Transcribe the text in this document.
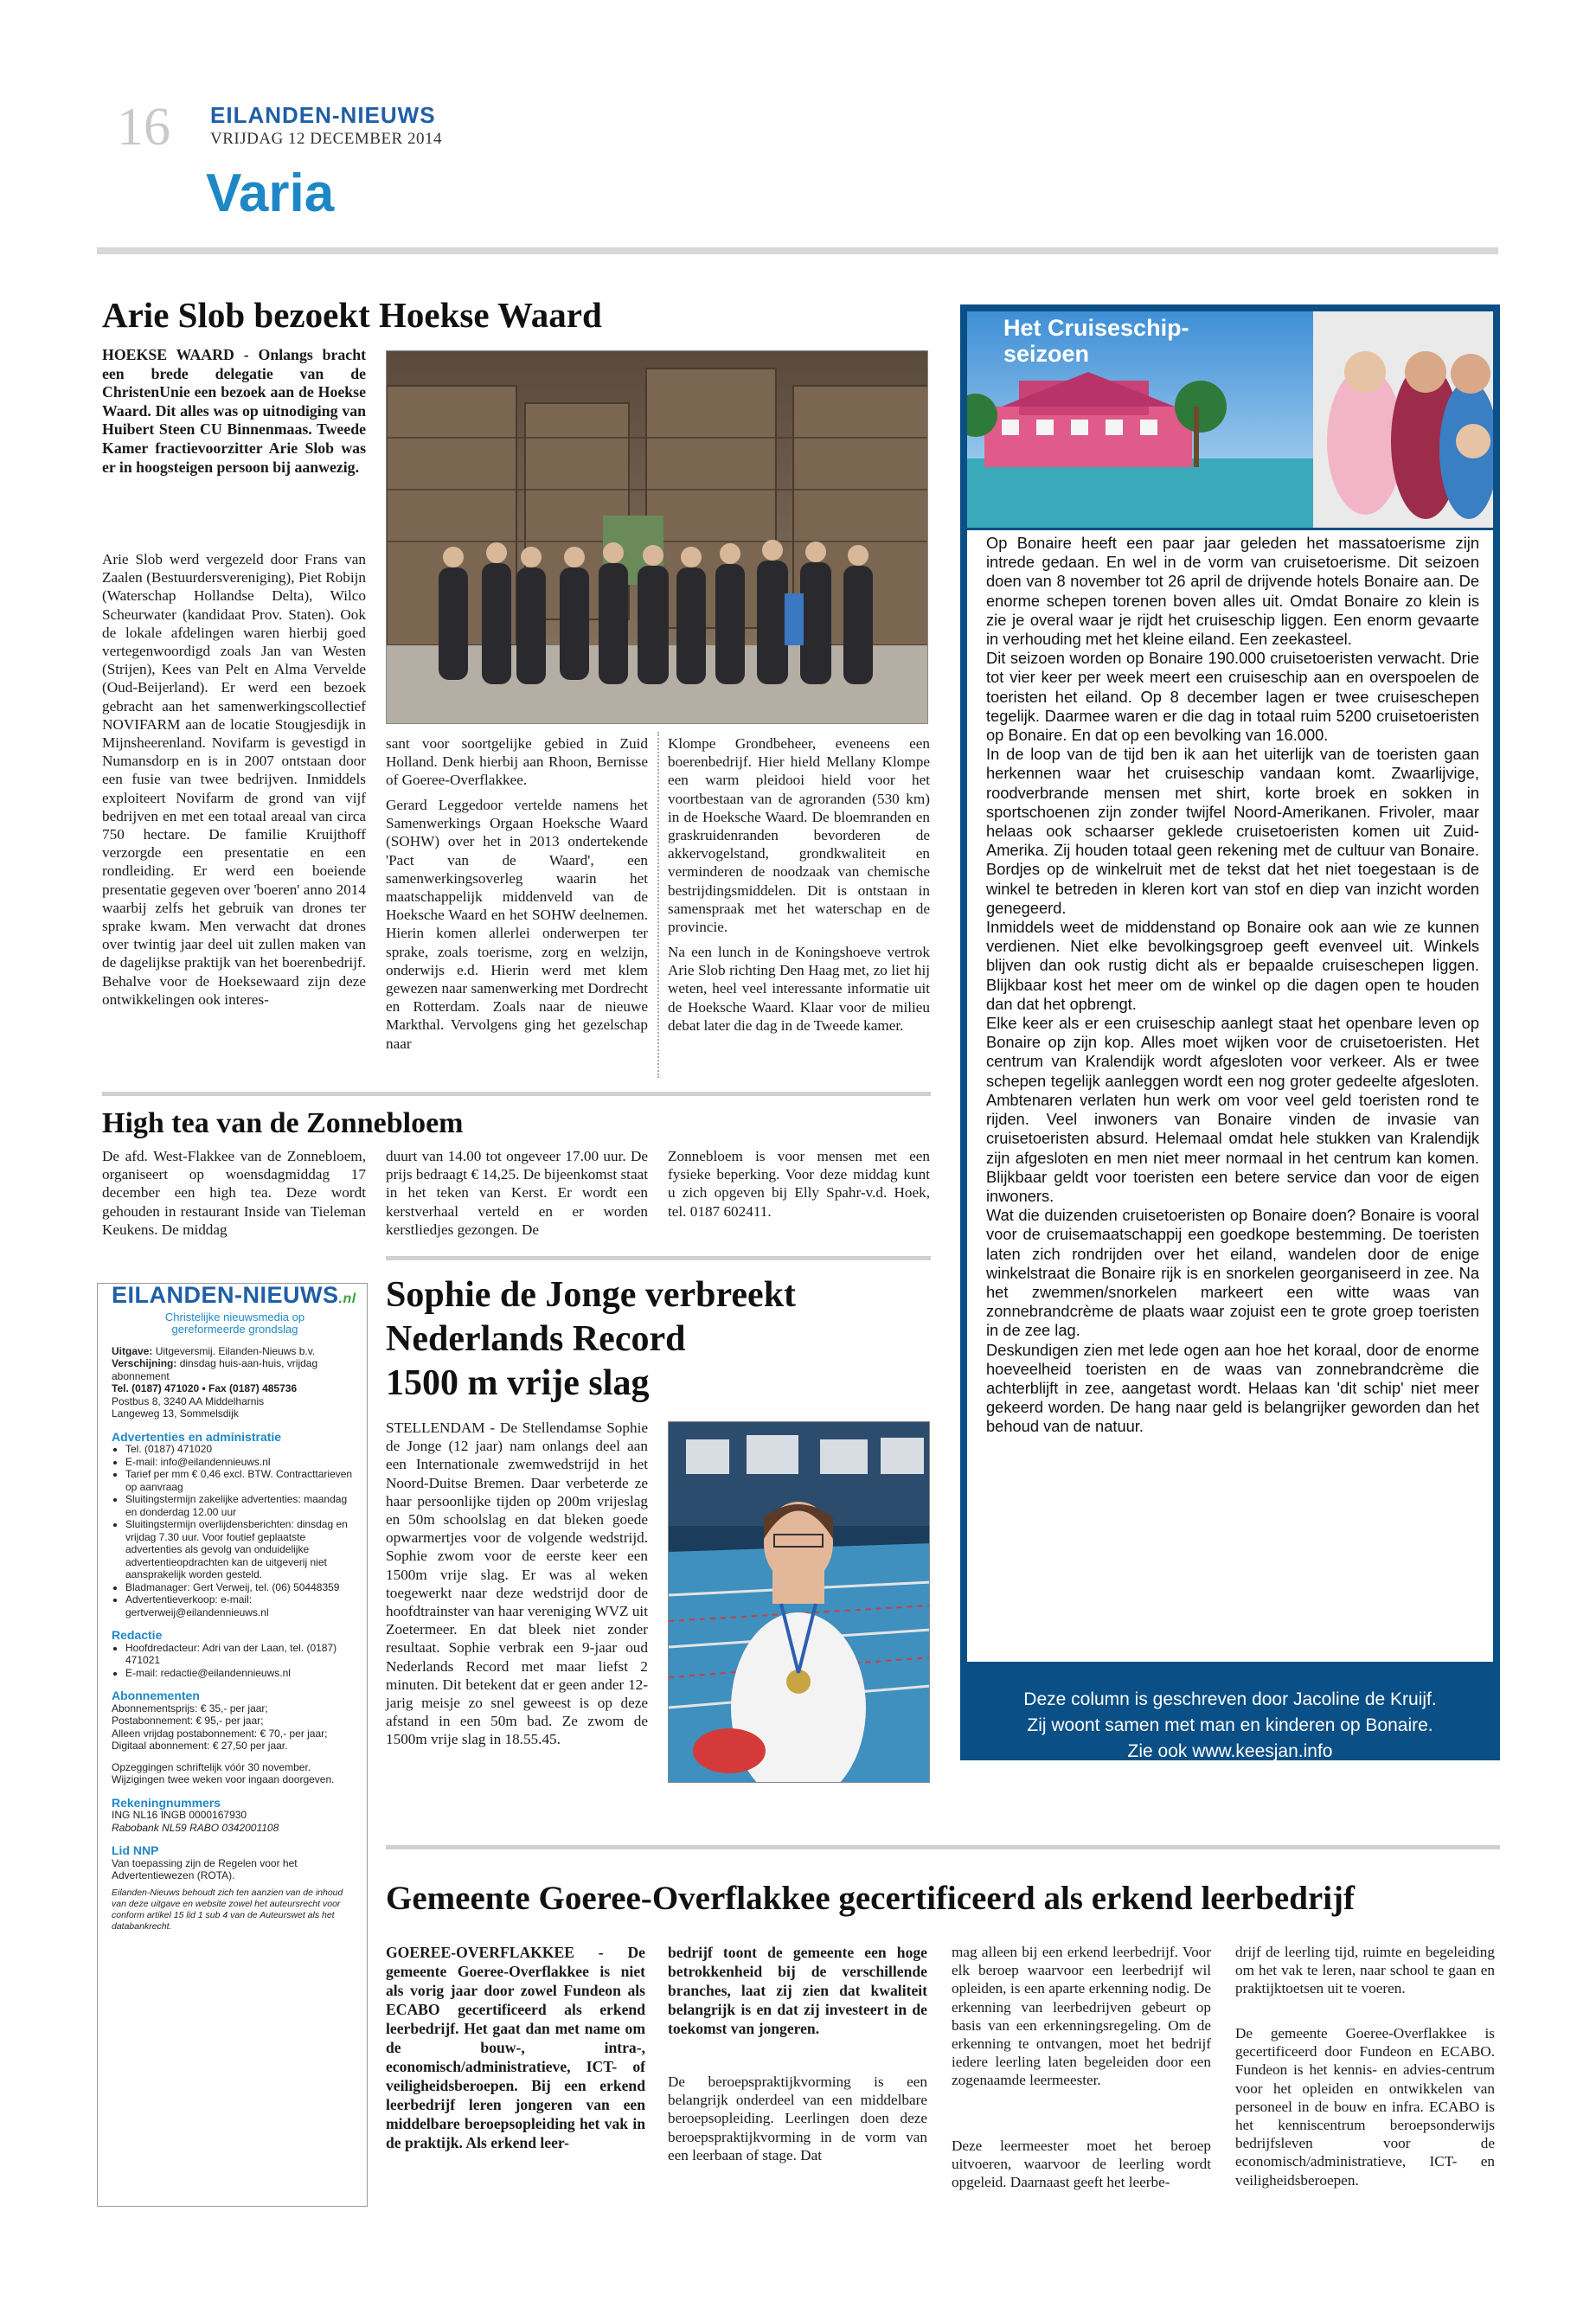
16 EILANDEN-NIEUWS
VRIJDAG 12 DECEMBER 2014
Varia
Arie Slob bezoekt Hoekse Waard

HOEKSE WAARD - Onlangs bracht een brede delegatie van de ChristenUnie een bezoek aan de Hoekse Waard. Dit alles was op uitnodiging van Huibert Steen CU Binnenmaas. Tweede Kamer fractievoorzitter Arie Slob was er in hoogsteigen persoon bij aanwezig.

Arie Slob werd vergezeld door Frans van Zaalen (Bestuurdersvereniging), Piet Robijn (Waterschap Hollandse Delta), Wilco Scheurwater (kandidaat Prov. Staten). Ook de lokale afdelingen waren hierbij goed vertegenwoordigd zoals Jan van Westen (Strijen), Kees van Pelt en Alma Vervelde (Oud-Beijerland). Er werd een bezoek gebracht aan het samenwerkingscollectief NOVIFARM aan de locatie Stougjesdijk in Mijnsheerenland. Novifarm is gevestigd in Numansdorp en is in 2007 ontstaan door een fusie van twee bedrijven. Inmiddels exploiteert Novifarm de grond van vijf bedrijven en met een totaal areaal van circa 750 hectare. De familie Kruijthoff verzorgde een presentatie en een rondleiding. Er werd een boeiende presentatie gegeven over 'boeren' anno 2014 waarbij zelfs het gebruik van drones ter sprake kwam. Men verwacht dat drones over twintig jaar deel uit zullen maken van de dagelijkse praktijk van het boerenbedrijf. Behalve voor de Hoeksewaard zijn deze ontwikkelingen ook interes-

sant voor soortgelijke gebied in Zuid Holland. Denk hierbij aan Rhoon, Bernisse of Goeree-Overflakkee.

Gerard Leggedoor vertelde namens het Samenwerkings Orgaan Hoeksche Waard (SOHW) over het in 2013 ondertekende 'Pact van de Waard', een samenwerkingsoverleg waarin het maatschappelijk middenveld van de Hoeksche Waard en het SOHW deelnemen. Hierin komen allerlei onderwerpen ter sprake, zoals toerisme, zorg en welzijn, onderwijs e.d. Hierin werd met klem gewezen naar samenwerking met Dordrecht en Rotterdam. Zoals naar de nieuwe Markthal. Vervolgens ging het gezelschap naar

Klompe Grondbeheer, eveneens een boerenbedrijf. Hier hield Mellany Klompe een warm pleidooi hield voor het voortbestaan van de agroranden (530 km) in de Hoeksche Waard. De bloemranden en graskruidenranden bevorderen de akkervogelstand, grondkwaliteit en verminderen de noodzaak van chemische bestrijdingsmiddelen. Dit is ontstaan in samenspraak met het waterschap en de provincie.

Na een lunch in de Koningshoeve vertrok Arie Slob richting Den Haag met, zo liet hij weten, heel veel interessante informatie uit de Hoeksche Waard. Klaar voor de milieu debat later die dag in de Tweede kamer.

High tea van de Zonnebloem

De afd. West-Flakkee van de Zonnebloem, organiseert op woensdagmiddag 17 december een high tea. Deze wordt gehouden in restaurant Inside van Tieleman Keukens. De middag

duurt van 14.00 tot ongeveer 17.00 uur. De prijs bedraagt € 14,25. De bijeenkomst staat in het teken van Kerst. Er wordt een kerstverhaal verteld en er worden kerstliedjes gezongen. De

Zonnebloem is voor mensen met een fysieke beperking. Voor deze middag kunt u zich opgeven bij Elly Spahr-v.d. Hoek, tel. 0187 602411.

EILANDEN-NIEUWS.nl
Christelijke nieuwsmedia op
gereformeerde grondslag

Uitgave: Uitgeversmij. Eilanden-Nieuws b.v.

Verschijning: dinsdag huis-aan-huis, vrijdag abonnement

Tel. (0187) 471020 • Fax (0187) 485736

Postbus 8, 3240 AA Middelharnis

Langeweg 13, Sommelsdijk

Advertenties en administratie
• Tel. (0187) 471020
• E-mail: info@eilandennieuws.nl
• Tarief per mm € 0,46 excl. BTW. Contracttarieven op aanvraag
• Sluitingstermijn zakelijke advertenties: maandag en donderdag 12.00 uur
• Sluitingstermijn overlijdensberichten: dinsdag en vrijdag 7.30 uur. Voor foutief geplaatste advertenties als gevolg van onduidelijke advertentieopdrachten kan de uitgeverij niet aansprakelijk worden gesteld.
• Bladmanager: Gert Verweij, tel. (06) 50448359
• Advertentieverkoop: e-mail: gertverweij@eilandennieuws.nl
Redactie
• Hoofdredacteur: Adri van der Laan, tel. (0187) 471021
• E-mail: redactie@eilandennieuws.nl
Abonnementen

Abonnementsprijs: € 35,- per jaar;

Postabonnement: € 95,- per jaar;

Alleen vrijdag postabonnement: € 70,- per jaar;

Digitaal abonnement: € 27,50 per jaar.

Opzeggingen schriftelijk vóór 30 november. Wijzigingen twee weken voor ingaan doorgeven.

Rekeningnummers

ING NL16 INGB 0000167930

Rabobank NL59 RABO 0342001108

Lid NNP

Van toepassing zijn de Regelen voor het Advertentiewezen (ROTA).

Eilanden-Nieuws behoudt zich ten aanzien van de inhoud van deze uitgave en website zowel het auteursrecht voor conform artikel 15 lid 1 sub 4 van de Auteurswet als het databankrecht.

Sophie de Jonge verbreekt
Nederlands Record
1500 m vrije slag

STELLENDAM - De Stellendamse Sophie de Jonge (12 jaar) nam onlangs deel aan een Internationale zwemwedstrijd in het Noord-Duitse Bremen. Daar verbeterde ze haar persoonlijke tijden op 200m vrijeslag en 50m schoolslag en dat bleken goede opwarmertjes voor de volgende wedstrijd. Sophie zwom voor de eerste keer een 1500m vrije slag. Er was al weken toegewerkt naar deze wedstrijd door de hoofdtrainster van haar vereniging WVZ uit Zoetermeer. En dat bleek niet zonder resultaat. Sophie verbrak een 9-jaar oud Nederlands Record met maar liefst 2 minuten. Dit betekent dat er geen ander 12-jarig meisje zo snel geweest is op deze afstand in een 50m bad. Ze zwom de 1500m vrije slag in 18.55.45.

Het Cruiseschip-
seizoen

Op Bonaire heeft een paar jaar geleden het massatoerisme zijn intrede gedaan. En wel in de vorm van cruisetoerisme. Dit seizoen doen van 8 november tot 26 april de drijvende hotels Bonaire aan. De enorme schepen torenen boven alles uit. Omdat Bonaire zo klein is zie je overal waar je rijdt het cruiseschip liggen. Een enorm gevaarte in verhouding met het kleine eiland. Een zeekasteel.

Dit seizoen worden op Bonaire 190.000 cruisetoeristen verwacht. Drie tot vier keer per week meert een cruiseschip aan en overspoelen de toeristen het eiland. Op 8 december lagen er twee cruiseschepen tegelijk. Daarmee waren er die dag in totaal ruim 5200 cruisetoeristen op Bonaire. En dat op een bevolking van 16.000.

In de loop van de tijd ben ik aan het uiterlijk van de toeristen gaan herkennen waar het cruiseschip vandaan komt. Zwaarlijvige, roodverbrande mensen met shirt, korte broek en sokken in sportschoenen zijn zonder twijfel Noord-Amerikanen. Frivoler, maar helaas ook schaarser geklede cruisetoeristen komen uit Zuid-Amerika. Zij houden totaal geen rekening met de cultuur van Bonaire. Bordjes op de winkelruit met de tekst dat het niet toegestaan is de winkel te betreden in kleren kort van stof en diep van inzicht worden genegeerd.

Inmiddels weet de middenstand op Bonaire ook aan wie ze kunnen verdienen. Niet elke bevolkingsgroep geeft evenveel uit. Winkels blijven dan ook rustig dicht als er bepaalde cruiseschepen liggen. Blijkbaar kost het meer om de winkel op die dagen open te houden dan dat het opbrengt.

Elke keer als er een cruiseschip aanlegt staat het openbare leven op Bonaire op zijn kop. Alles moet wijken voor de cruisetoeristen. Het centrum van Kralendijk wordt afgesloten voor verkeer. Als er twee schepen tegelijk aanleggen wordt een nog groter gedeelte afgesloten. Ambtenaren verlaten hun werk om voor veel geld toeristen rond te rijden. Veel inwoners van Bonaire vinden de invasie van cruisetoeristen absurd. Helemaal omdat hele stukken van Kralendijk zijn afgesloten en men niet meer normaal in het centrum kan komen. Blijkbaar geldt voor toeristen een betere service dan voor de eigen inwoners.

Wat die duizenden cruisetoeristen op Bonaire doen? Bonaire is vooral voor de cruisemaatschappij een goedkope bestemming. De toeristen laten zich rondrijden over het eiland, wandelen door de enige winkelstraat die Bonaire rijk is en snorkelen georganiseerd in zee. Na het zwemmen/snorkelen markeert een witte waas van zonnebrandcrème de plaats waar zojuist een te grote groep toeristen in de zee lag.

Deskundigen zien met lede ogen aan hoe het koraal, door de enorme hoeveelheid toeristen en de waas van zonnebrandcrème die achterblijft in zee, aangetast wordt. Helaas kan 'dit schip' niet meer gekeerd worden. De hang naar geld is belangrijker geworden dan het behoud van de natuur.

Deze column is geschreven door Jacoline de Kruijf.
Zij woont samen met man en kinderen op Bonaire.
Zie ook www.keesjan.info
Gemeente Goeree-Overflakkee gecertificeerd als erkend leerbedrijf

GOEREE-OVERFLAKKEE - De gemeente Goeree-Overflakkee is niet als vorig jaar door zowel Fundeon als ECABO gecertificeerd als erkend leerbedrijf. Het gaat dan met name om de bouw-, intra-, economisch/administratieve, ICT- of veiligheidsberoepen. Bij een erkend leerbedrijf leren jongeren van een middelbare beroepsopleiding het vak in de praktijk. Als erkend leer-

bedrijf toont de gemeente een hoge betrokkenheid bij de verschillende branches, laat zij zien dat kwaliteit belangrijk is en dat zij investeert in de toekomst van jongeren.

De beroepspraktijkvorming is een belangrijk onderdeel van een middelbare beroepsopleiding. Leerlingen doen deze beroepspraktijkvorming in de vorm van een leerbaan of stage. Dat

mag alleen bij een erkend leerbedrijf. Voor elk beroep waarvoor een leerbedrijf wil opleiden, is een aparte erkenning nodig. De erkenning van leerbedrijven gebeurt op basis van een erkenningsregeling. Om de erkenning te ontvangen, moet het bedrijf iedere leerling laten begeleiden door een zogenaamde leermeester.

Deze leermeester moet het beroep uitvoeren, waarvoor de leerling wordt opgeleid. Daarnaast geeft het leerbe-

drijf de leerling tijd, ruimte en begeleiding om het vak te leren, naar school te gaan en praktijktoetsen uit te voeren.

De gemeente Goeree-Overflakkee is gecertificeerd door Fundeon en ECABO. Fundeon is het kennis- en advies-centrum voor het opleiden en ontwikkelen van personeel in de bouw en infra. ECABO is het kenniscentrum beroepsonderwijs bedrijfsleven voor de economisch/administratieve, ICT- en veiligheidsberoepen.
